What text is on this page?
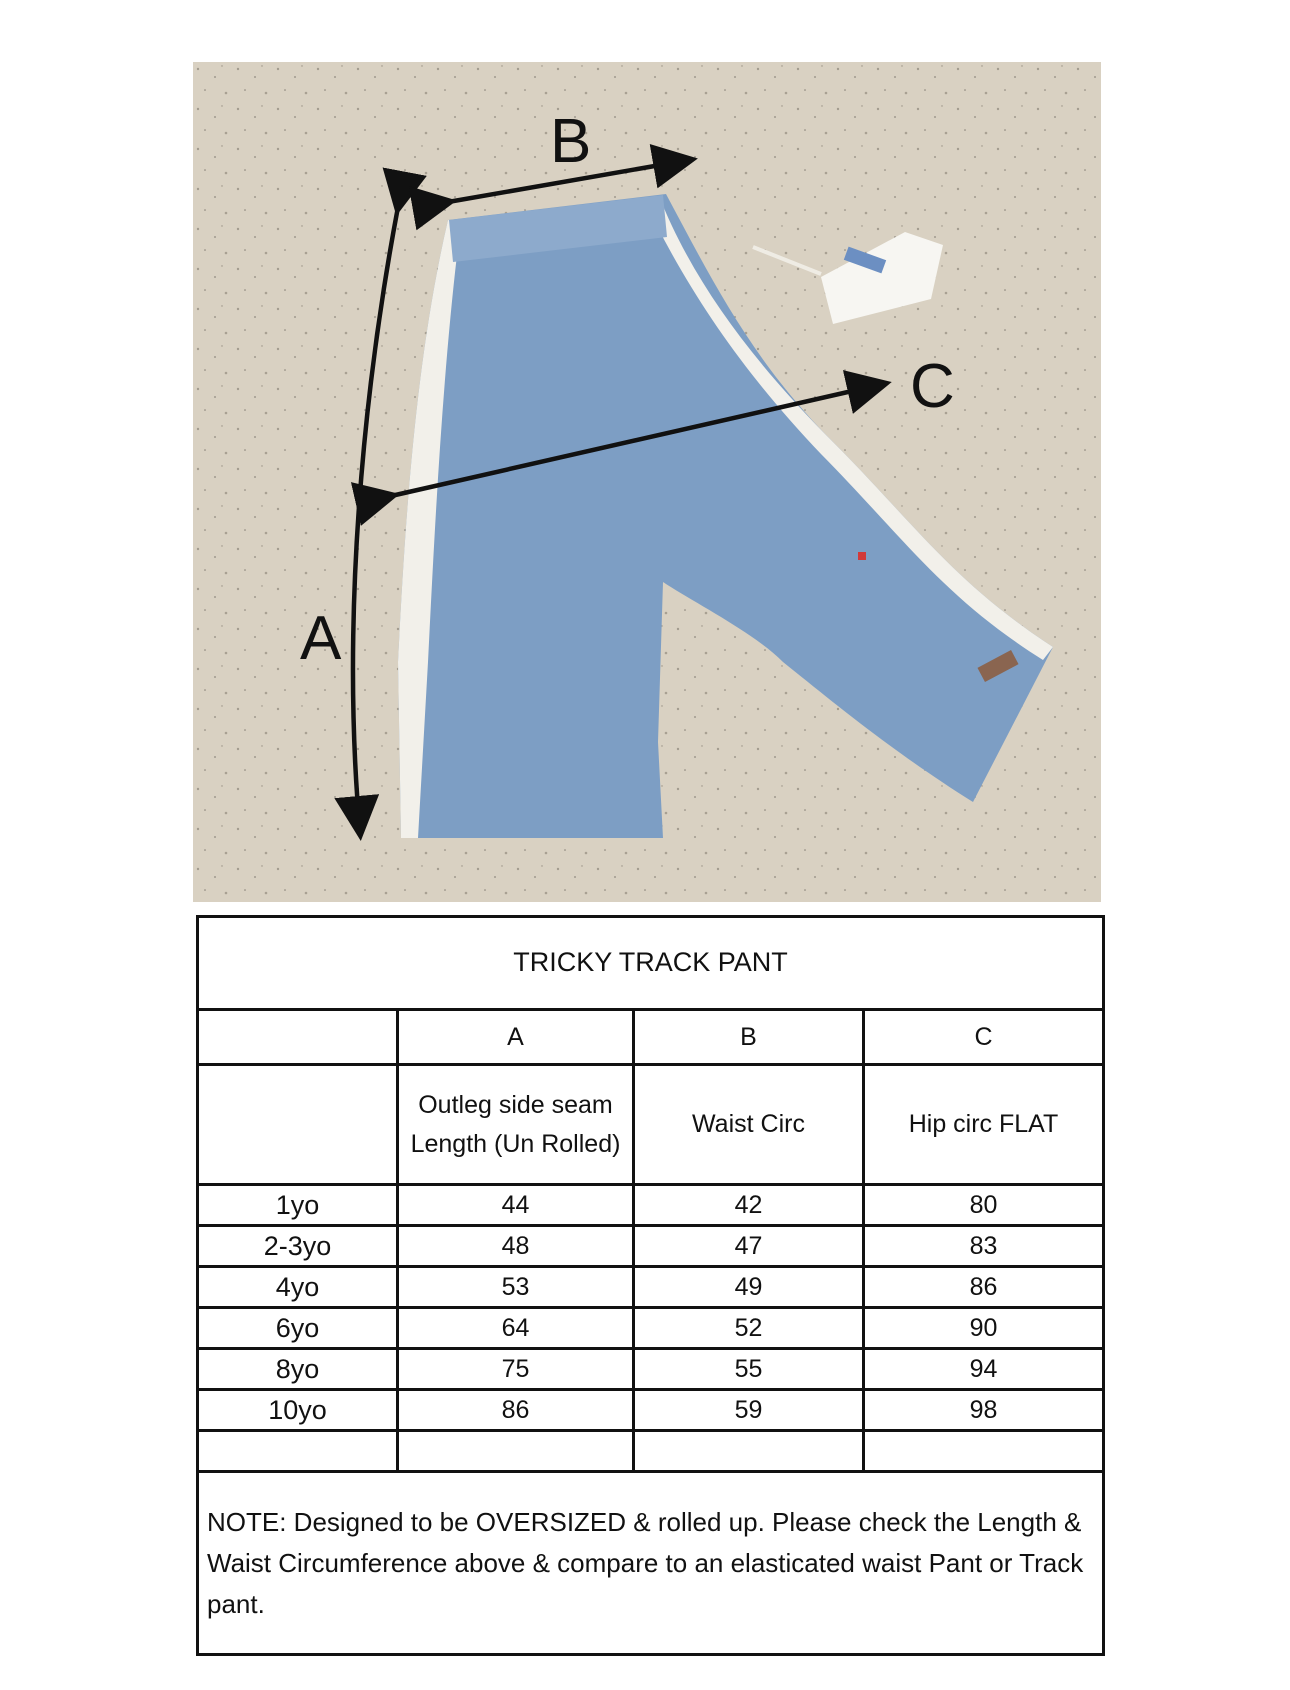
A
B
C
TRICKY TRACK PANT			
	A	B	C
	Outleg side seam Length (Un Rolled)	Waist Circ	Hip circ FLAT
1yo	44	42	80
2-3yo	48	47	83
4yo	53	49	86
6yo	64	52	90
8yo	75	55	94
10yo	86	59	98

NOTE: Designed to be OVERSIZED & rolled up. Please check the Length & Waist Circumference above & compare to an elasticated waist Pant or Track pant.			
